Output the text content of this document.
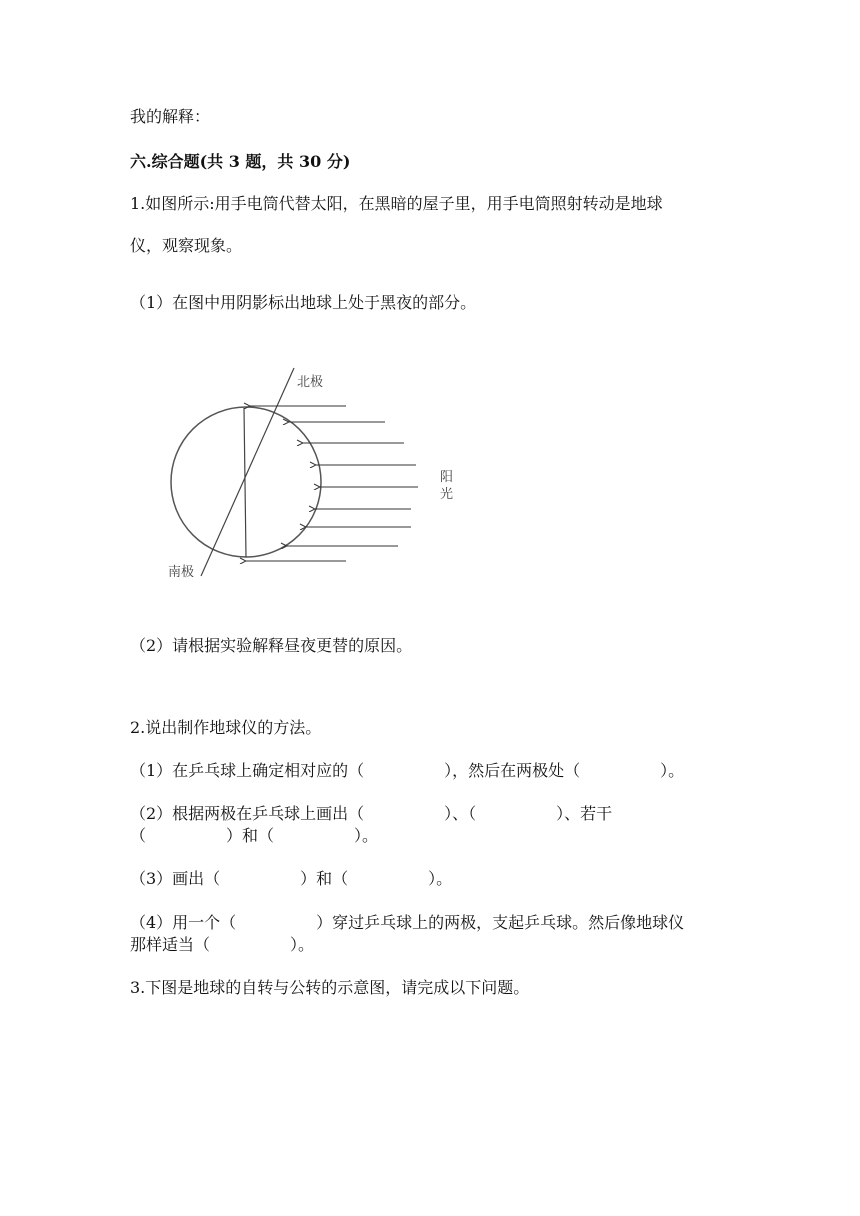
我的解释：
六.综合题(共 3 题，共 30 分)
1.如图所示:用手电筒代替太阳，在黑暗的屋子里，用手电筒照射转动是地球
仪，观察现象。
（1）在图中用阴影标出地球上处于黑夜的部分。
北极
南极
阳
光
（2）请根据实验解释昼夜更替的原因。
2.说出制作地球仪的方法。
（1）在乒乓球上确定相对应的（　　　　　），然后在两极处（　　　　　）。
（2）根据两极在乒乓球上画出（　　　　　）、（　　　　　）、若干
（　　　　　）和（　　　　　）。
（3）画出（　　　　　）和（　　　　　）。
（4）用一个（　　　　　）穿过乒乓球上的两极，支起乒乓球。然后像地球仪
那样适当（　　　　　）。
3.下图是地球的自转与公转的示意图，请完成以下问题。
